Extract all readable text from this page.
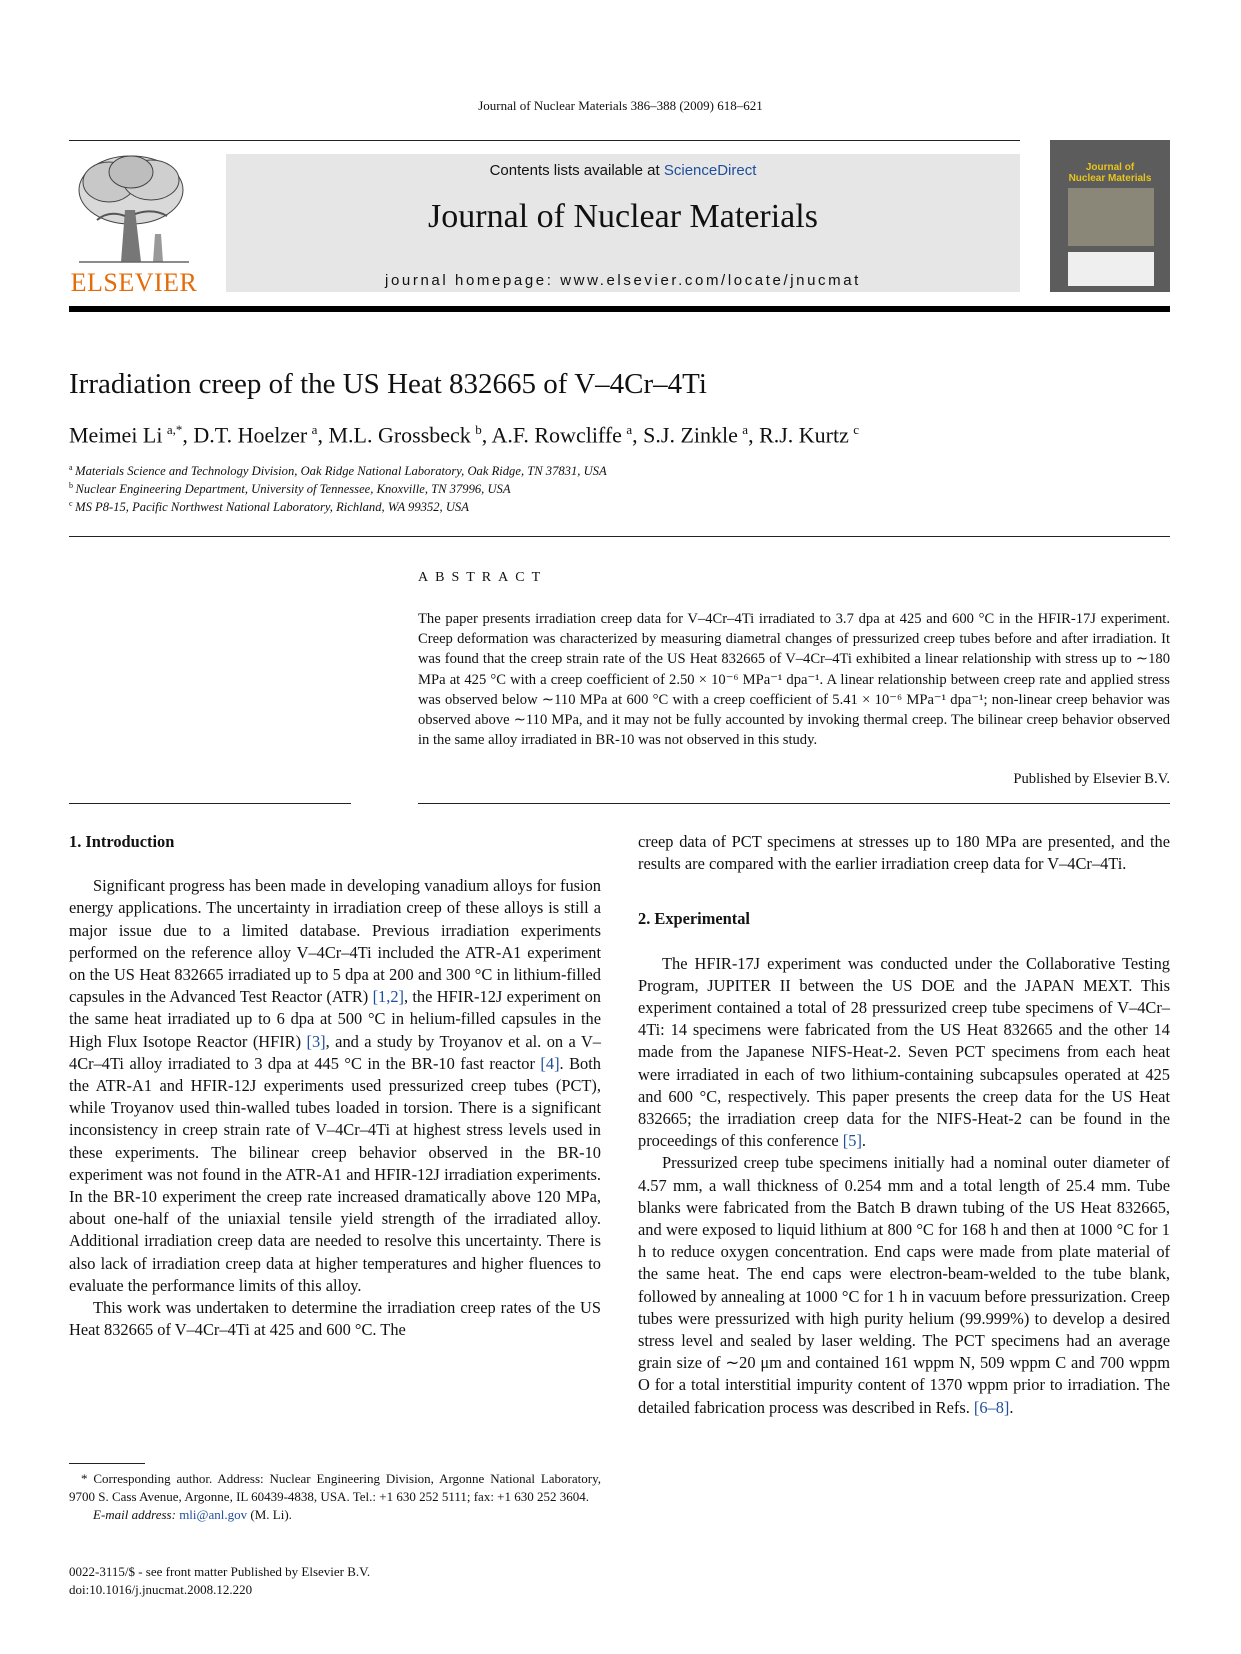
Journal of Nuclear Materials 386–388 (2009) 618–621
ELSEVIER
Contents lists available at ScienceDirect
Journal of Nuclear Materials
journal homepage: www.elsevier.com/locate/jnucmat
Journal of
Nuclear Materials
Irradiation creep of the US Heat 832665 of V–4Cr–4Ti
Meimei Li  $^{a,*}$, D.T. Hoelzer  $^a$, M.L. Grossbeck  $^b$, A.F. Rowcliffe  $^a$, S.J. Zinkle  $^a$, R.J. Kurtz  $^c$
$^a$  Materials Science and Technology Division, Oak Ridge National Laboratory, Oak Ridge, TN 37831, USA
$^b$  Nuclear Engineering Department, University of Tennessee, Knoxville, TN 37996, USA
$^c$  MS P8-15, Pacific Northwest National Laboratory, Richland, WA 99352, USA
ABSTRACT
The paper presents irradiation creep data for V–4Cr–4Ti irradiated to 3.7 dpa at 425 and 600 °C in the HFIR-17J experiment. Creep deformation was characterized by measuring diametral changes of pressurized creep tubes before and after irradiation. It was found that the creep strain rate of the US Heat 832665 of V–4Cr–4Ti exhibited a linear relationship with stress up to ∼180 MPa at 425 °C with a creep coefficient of 2.50 × 10⁻⁶ MPa⁻¹ dpa⁻¹. A linear relationship between creep rate and applied stress was observed below ∼110 MPa at 600 °C with a creep coefficient of 5.41 × 10⁻⁶ MPa⁻¹ dpa⁻¹; non-linear creep behavior was observed above ∼110 MPa, and it may not be fully accounted by invoking thermal creep. The bilinear creep behavior observed in the same alloy irradiated in BR-10 was not observed in this study.
Published by Elsevier B.V.
1. Introduction

Significant progress has been made in developing vanadium alloys for fusion energy applications. The uncertainty in irradiation creep of these alloys is still a major issue due to a limited database. Previous irradiation experiments performed on the reference alloy V–4Cr–4Ti included the ATR-A1 experiment on the US Heat 832665 irradiated up to 5 dpa at 200 and 300 °C in lithium-filled capsules in the Advanced Test Reactor (ATR) [1,2], the HFIR-12J experiment on the same heat irradiated up to 6 dpa at 500 °C in helium-filled capsules in the High Flux Isotope Reactor (HFIR) [3], and a study by Troyanov et al. on a V–4Cr–4Ti alloy irradiated to 3 dpa at 445 °C in the BR-10 fast reactor [4]. Both the ATR-A1 and HFIR-12J experiments used pressurized creep tubes (PCT), while Troyanov used thin-walled tubes loaded in torsion. There is a significant inconsistency in creep strain rate of V–4Cr–4Ti at highest stress levels used in these experiments. The bilinear creep behavior observed in the BR-10 experiment was not found in the ATR-A1 and HFIR-12J irradiation experiments. In the BR-10 experiment the creep rate increased dramatically above 120 MPa, about one-half of the uniaxial tensile yield strength of the irradiated alloy. Additional irradiation creep data are needed to resolve this uncertainty. There is also lack of irradiation creep data at higher temperatures and higher fluences to evaluate the performance limits of this alloy.

This work was undertaken to determine the irradiation creep rates of the US Heat 832665 of V–4Cr–4Ti at 425 and 600 °C. The

creep data of PCT specimens at stresses up to 180 MPa are presented, and the results are compared with the earlier irradiation creep data for V–4Cr–4Ti.

2. Experimental

The HFIR-17J experiment was conducted under the Collaborative Testing Program, JUPITER II between the US DOE and the JAPAN MEXT. This experiment contained a total of 28 pressurized creep tube specimens of V–4Cr–4Ti: 14 specimens were fabricated from the US Heat 832665 and the other 14 made from the Japanese NIFS-Heat-2. Seven PCT specimens from each heat were irradiated in each of two lithium-containing subcapsules operated at 425 and 600 °C, respectively. This paper presents the creep data for the US Heat 832665; the irradiation creep data for the NIFS-Heat-2 can be found in the proceedings of this conference [5].

Pressurized creep tube specimens initially had a nominal outer diameter of 4.57 mm, a wall thickness of 0.254 mm and a total length of 25.4 mm. Tube blanks were fabricated from the Batch B drawn tubing of the US Heat 832665, and were exposed to liquid lithium at 800 °C for 168 h and then at 1000 °C for 1 h to reduce oxygen concentration. End caps were made from plate material of the same heat. The end caps were electron-beam-welded to the tube blank, followed by annealing at 1000 °C for 1 h in vacuum before pressurization. Creep tubes were pressurized with high purity helium (99.999%) to develop a desired stress level and sealed by laser welding. The PCT specimens had an average grain size of ∼20 μm and contained 161 wppm N, 509 wppm C and 700 wppm O for a total interstitial impurity content of 1370 wppm prior to irradiation. The detailed fabrication process was described in Refs. [6–8].

* Corresponding author. Address: Nuclear Engineering Division, Argonne National Laboratory, 9700 S. Cass Avenue, Argonne, IL 60439-4838, USA. Tel.: +1 630 252 5111; fax: +1 630 252 3604.

E-mail address: mli@anl.gov (M. Li).

0022-3115/$ - see front matter Published by Elsevier B.V.
doi:10.1016/j.jnucmat.2008.12.220
